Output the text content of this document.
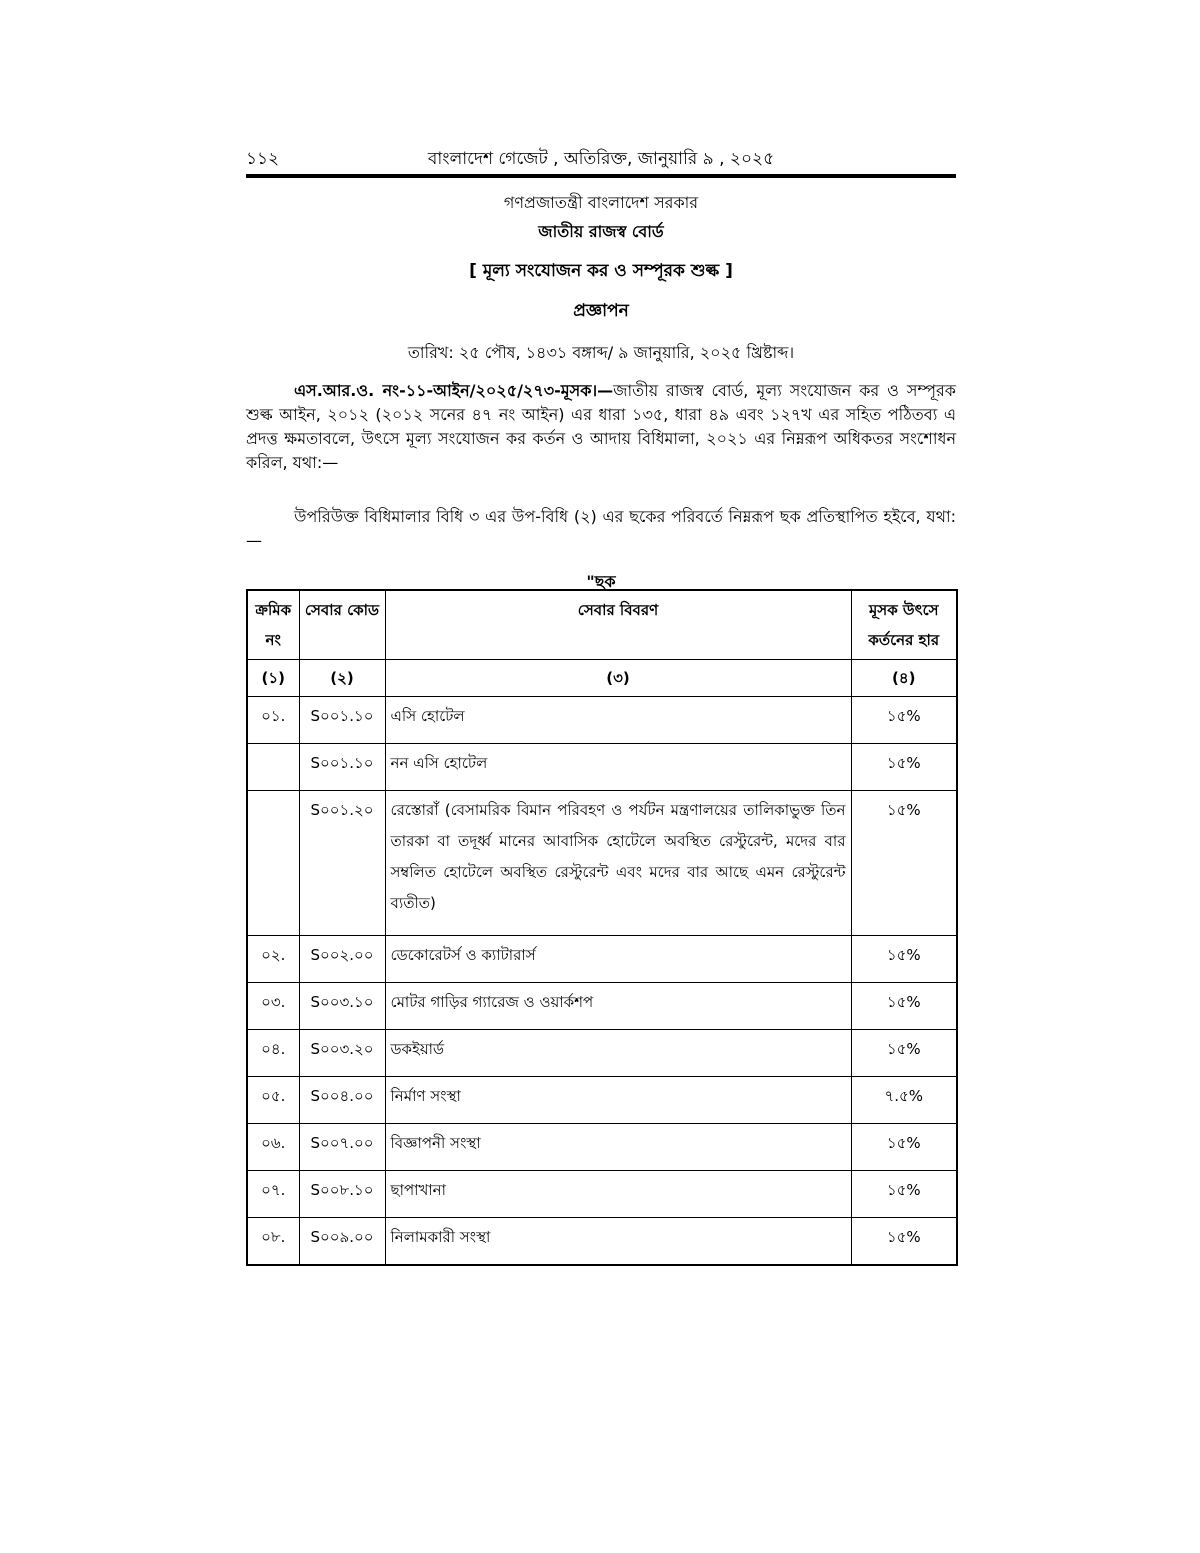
১১২	বাংলাদেশ গেজেট , অতিরিক্ত, জানুয়ারি ৯ , ২০২৫
গণপ্রজাতন্ত্রী বাংলাদেশ সরকার
জাতীয় রাজস্ব বোর্ড
[ মূল্য সংযোজন কর ও সম্পূরক শুল্ক ]
প্রজ্ঞাপন
তারিখ: ২৫ পৌষ, ১৪৩১ বঙ্গাব্দ/ ৯ জানুয়ারি, ২০২৫ খ্রিষ্টাব্দ।

এস.আর.ও. নং-১১-আইন/২০২৫/২৭৩-মূসক।—জাতীয় রাজস্ব বোর্ড, মূল্য সংযোজন কর ও সম্পূরক শুল্ক আইন, ২০১২ (২০১২ সনের ৪৭ নং আইন) এর ধারা ১৩৫, ধারা ৪৯ এবং ১২৭খ এর সহিত পঠিতব্য এ প্রদত্ত ক্ষমতাবলে, উৎসে মূল্য সংযোজন কর কর্তন ও আদায় বিধিমালা, ২০২১ এর নিম্নরূপ অধিকতর সংশোধন করিল, যথা:—

উপরিউক্ত বিধিমালার বিধি ৩ এর উপ-বিধি (২) এর ছকের পরিবর্তে নিম্নরূপ ছক প্রতিস্থাপিত হইবে, যথা:—

"ছক
ক্রমিক নং	সেবার কোড	সেবার বিবরণ	মূসক উৎসে কর্তনের হার
(১)	(২)	(৩)	(৪)
০১.	S০০১.১০	এসি হোটেল	১৫%
	S০০১.১০	নন এসি হোটেল	১৫%
	S০০১.২০	রেস্তোরাঁ (বেসামরিক বিমান পরিবহণ ও পর্যটন মন্ত্রণালয়ের তালিকাভুক্ত তিন তারকা বা তদূর্ধ্ব মানের আবাসিক হোটেলে অবস্থিত রেস্টুরেন্ট, মদের বার সম্বলিত হোটেলে অবস্থিত রেস্টুরেন্ট এবং মদের বার আছে এমন রেস্টুরেন্ট ব্যতীত)	১৫%
০২.	S০০২.০০	ডেকোরেটর্স ও ক্যাটারার্স	১৫%
০৩.	S০০৩.১০	মোটর গাড়ির গ্যারেজ ও ওয়ার্কশপ	১৫%
০৪.	S০০৩.২০	ডকইয়ার্ড	১৫%
০৫.	S০০৪.০০	নির্মাণ সংস্থা	৭.৫%
০৬.	S০০৭.০০	বিজ্ঞাপনী সংস্থা	১৫%
০৭.	S০০৮.১০	ছাপাখানা	১৫%
০৮.	S০০৯.০০	নিলামকারী সংস্থা	১৫%
